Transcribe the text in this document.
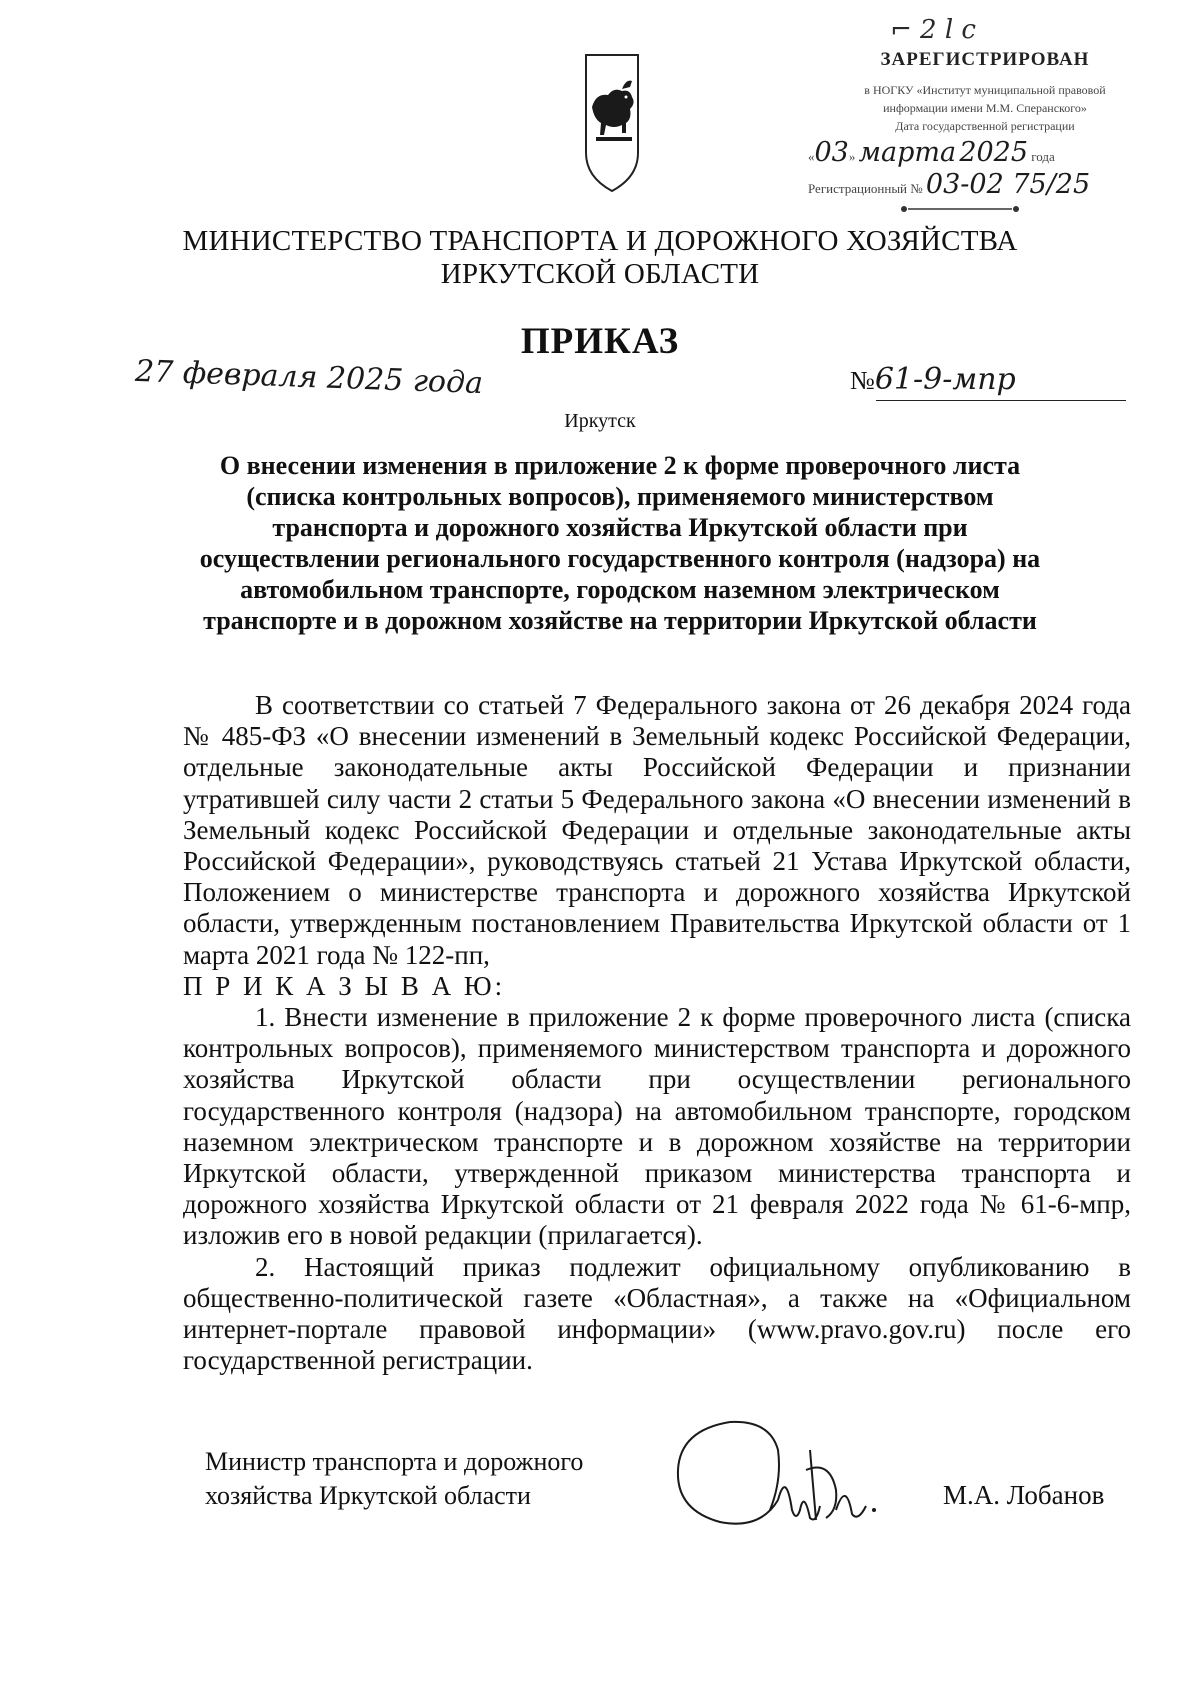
⌐ 2 l c
ЗАРЕГИСТРИРОВАН
в НОГКУ «Институт муниципальной правовой
информации имени М.М. Сперанского»
Дата государственной регистрации
«03» марта 2025 года
Регистрационный № 03-02 75/25
МИНИСТЕРСТВО ТРАНСПОРТА И ДОРОЖНОГО ХОЗЯЙСТВА
ИРКУТСКОЙ ОБЛАСТИ
ПРИКАЗ
27 февраля 2025 года	№61-9-мпр
Иркутск
О внесении изменения в приложение 2 к форме проверочного листа
(списка контрольных вопросов), применяемого министерством
транспорта и дорожного хозяйства Иркутской области при
осуществлении регионального государственного контроля (надзора) на
автомобильном транспорте, городском наземном электрическом
транспорте и в дорожном хозяйстве на территории Иркутской области

В соответствии со статьей 7 Федерального закона от 26 декабря 2024 года № 485-ФЗ «О внесении изменений в Земельный кодекс Российской Федерации, отдельные законодательные акты Российской Федерации и признании утратившей силу части 2 статьи 5 Федерального закона «О внесении изменений в Земельный кодекс Российской Федерации и отдельные законодательные акты Российской Федерации», руководствуясь статьей 21 Устава Иркутской области, Положением о министерстве транспорта и дорожного хозяйства Иркутской области, утвержденным постановлением Правительства Иркутской области от 1 марта 2021 года № 122-пп,

П Р И К А З Ы В А Ю:

1. Внести изменение в приложение 2 к форме проверочного листа (списка контрольных вопросов), применяемого министерством транспорта и дорожного хозяйства Иркутской области при осуществлении регионального государственного контроля (надзора) на автомобильном транспорте, городском наземном электрическом транспорте и в дорожном хозяйстве на территории Иркутской области, утвержденной приказом министерства транспорта и дорожного хозяйства Иркутской области от 21 февраля 2022 года № 61-6-мпр, изложив его в новой редакции (прилагается).

2. Настоящий приказ подлежит официальному опубликованию в общественно-политической газете «Областная», а также на «Официальном интернет-портале правовой информации» (www.pravo.gov.ru) после его государственной регистрации.

Министр транспорта и дорожного
хозяйства Иркутской области	М.А. Лобанов
